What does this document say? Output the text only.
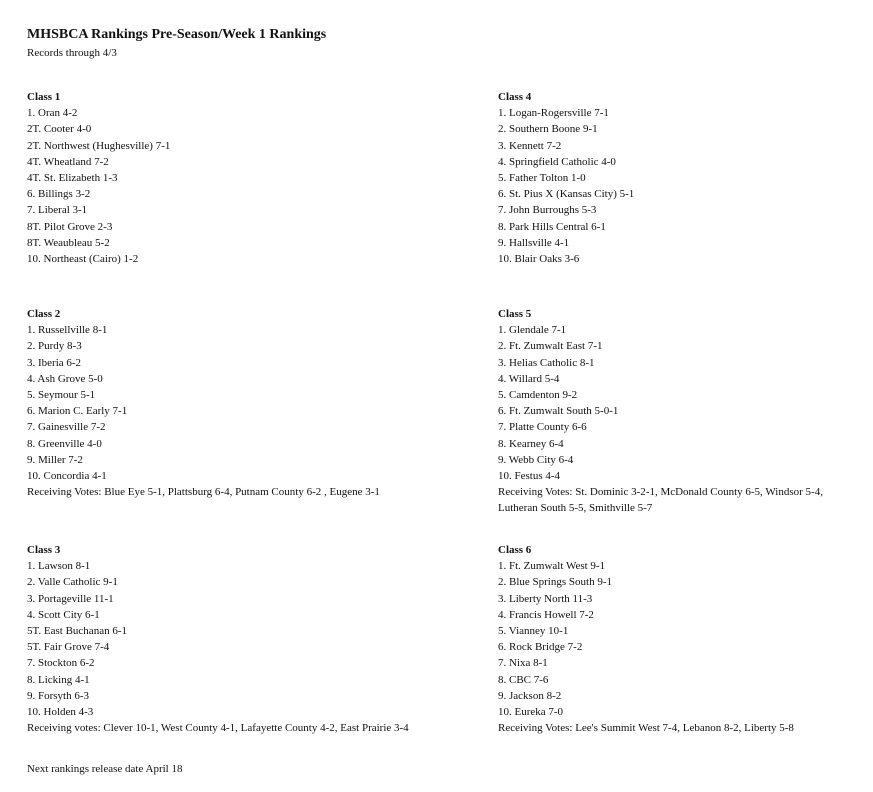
MHSBCA Rankings Pre-Season/Week 1 Rankings
Records through 4/3
Class 1
1. Oran 4-2
2T. Cooter 4-0
2T. Northwest (Hughesville) 7-1
4T. Wheatland 7-2
4T. St. Elizabeth 1-3
6. Billings 3-2
7. Liberal 3-1
8T. Pilot Grove 2-3
8T. Weaubleau 5-2
10. Northeast (Cairo) 1-2
Class 2
1. Russellville 8-1
2. Purdy 8-3
3. Iberia 6-2
4. Ash Grove 5-0
5. Seymour 5-1
6. Marion C. Early 7-1
7. Gainesville 7-2
8. Greenville 4-0
9. Miller 7-2
10. Concordia 4-1
Receiving Votes: Blue Eye 5-1, Plattsburg 6-4, Putnam County 6-2 , Eugene 3-1
Class 3
1. Lawson 8-1
2. Valle Catholic 9-1
3. Portageville 11-1
4. Scott City 6-1
5T. East Buchanan 6-1
5T. Fair Grove 7-4
7. Stockton 6-2
8. Licking 4-1
9. Forsyth 6-3
10. Holden 4-3
Receiving votes: Clever 10-1, West County 4-1, Lafayette County 4-2, East Prairie 3-4
Class 4
1. Logan-Rogersville 7-1
2. Southern Boone 9-1
3. Kennett 7-2
4. Springfield Catholic 4-0
5. Father Tolton 1-0
6. St. Pius X (Kansas City) 5-1
7. John Burroughs 5-3
8. Park Hills Central 6-1
9. Hallsville 4-1
10. Blair Oaks 3-6
Class 5
1. Glendale 7-1
2. Ft. Zumwalt East 7-1
3. Helias Catholic 8-1
4. Willard 5-4
5. Camdenton 9-2
6. Ft. Zumwalt South 5-0-1
7. Platte County 6-6
8. Kearney 6-4
9. Webb City 6-4
10. Festus 4-4
Receiving Votes: St. Dominic 3-2-1, McDonald County 6-5, Windsor 5-4, Lutheran South 5-5, Smithville 5-7
Class 6
1. Ft. Zumwalt West 9-1
2. Blue Springs South 9-1
3. Liberty North 11-3
4. Francis Howell 7-2
5. Vianney 10-1
6. Rock Bridge 7-2
7. Nixa 8-1
8. CBC 7-6
9. Jackson 8-2
10. Eureka 7-0
Receiving Votes: Lee's Summit West 7-4, Lebanon 8-2, Liberty 5-8
Next rankings release date April 18
